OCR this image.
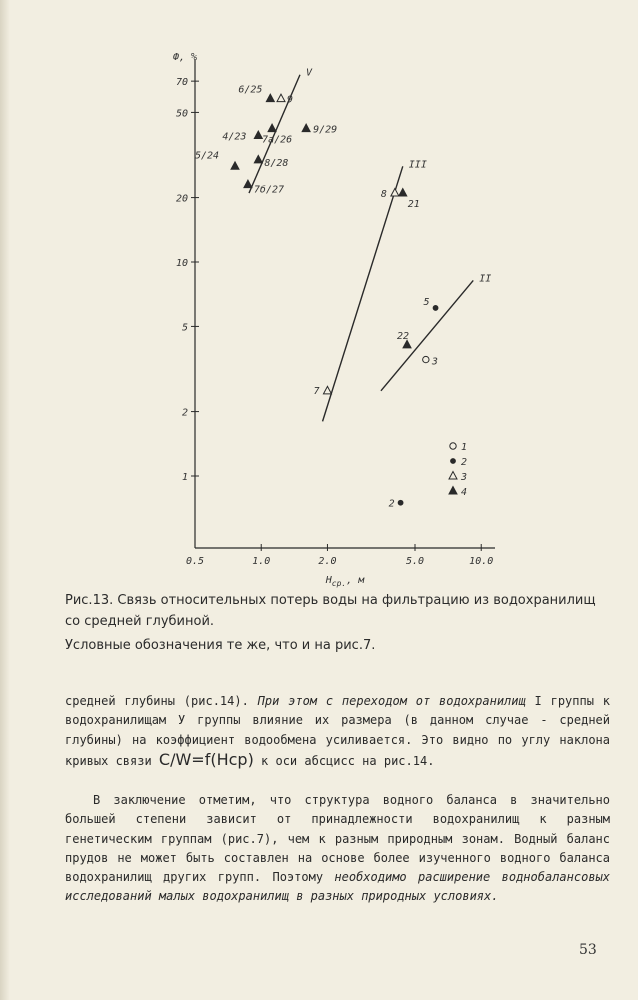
1
2
5
10
20
50
70
0.5	1.0	2.0	5.0	10.0
Ф, %
$H_{ср.}$, м
V
III
II
6/25
9
4/23 7a/26
9/29
5/24
8/28
7б/27	8
21
5
22
3
7
2
1
2
3
4
Рис.13. Связь относительных потерь воды на фильтрацию из водохранилищ со средней глубиной.
Условные обозначения те же, что и на рис.7.
средней глубины (рис.14). При этом с переходом от водохранилищ I группы к водохранилищам У группы влияние их размера (в данном случае - средней глубины) на коэффициент водообмена усиливается. Это видно по углу наклона кривых связи C/W=f(Hср) к оси абсцисс на рис.14.
В заключение отметим, что структура водного баланса в значительно большей степени зависит от принадлежности водохранилищ к разным генетическим группам (рис.7), чем к разным природным зонам. Водный баланс прудов не может быть составлен на основе более изученного водного баланса водохранилищ других групп. Поэтому необходимо расширение воднобалансовых исследований малых водохранилищ в разных природных условиях.
53
